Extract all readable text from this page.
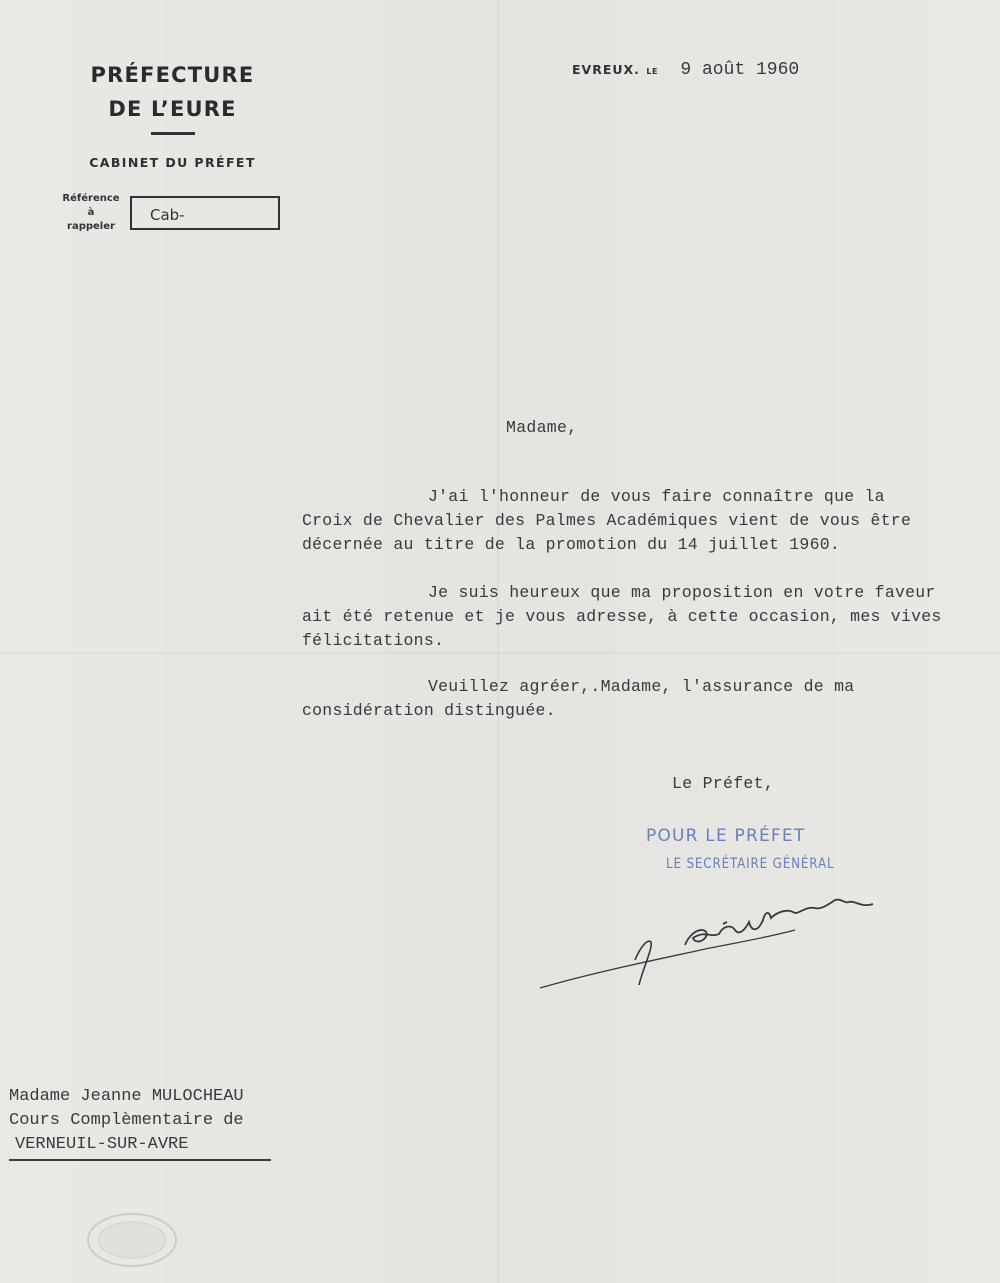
PRÉFECTURE
DE L’EURE
CABINET DU PRÉFET
Référence
à
rappeler
Cab-
EVREUX. LE 9 août 1960
Madame,
J'ai l'honneur de vous faire connaître que la
Croix de Chevalier des Palmes Académiques vient de vous être
décernée au titre de la promotion du 14 juillet 1960.
Je suis heureux que ma proposition en votre faveur
ait été retenue et je vous adresse, à cette occasion, mes vives
félicitations.
Veuillez agréer,.Madame, l'assurance de ma
considération distinguée.
Le Préfet,
POUR LE PRÉFET
LE SECRÉTAIRE GÉNÉRAL
Madame Jeanne MULOCHEAU
Cours Complèmentaire de
VERNEUIL-SUR-AVRE
